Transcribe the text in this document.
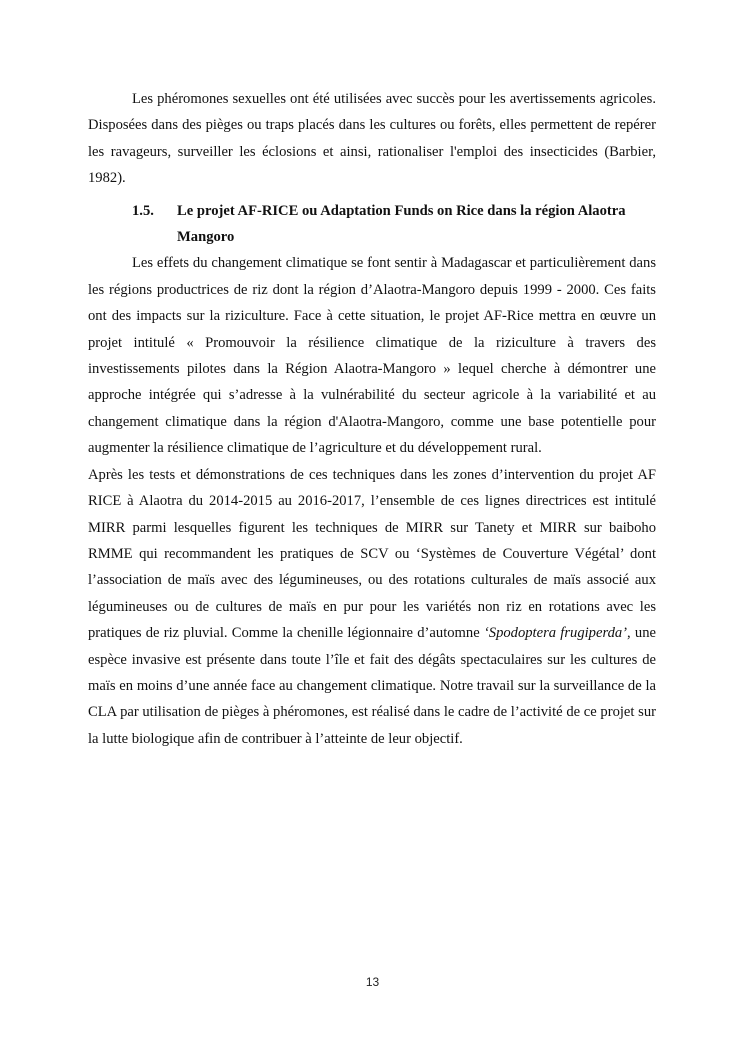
Les phéromones sexuelles ont été utilisées avec succès pour les avertissements agricoles. Disposées dans des pièges ou traps placés dans les cultures ou forêts, elles permettent de repérer les ravageurs, surveiller les éclosions et ainsi, rationaliser l'emploi des insecticides (Barbier, 1982).

1.5.	Le projet AF-RICE ou Adaptation Funds on Rice dans la région Alaotra Mangoro

Les effets du changement climatique se font sentir à Madagascar et particulièrement dans les régions productrices de riz dont la région d’Alaotra-Mangoro depuis 1999 - 2000. Ces faits ont des impacts sur la riziculture. Face à cette situation, le projet AF-Rice mettra en œuvre un projet intitulé « Promouvoir la résilience climatique de la riziculture à travers des investissements pilotes dans la Région Alaotra-Mangoro » lequel cherche à démontrer une approche intégrée qui s’adresse à la vulnérabilité du secteur agricole à la variabilité et au changement climatique dans la région d'Alaotra-Mangoro, comme une base potentielle pour augmenter la résilience climatique de l’agriculture et du développement rural.

Après les tests et démonstrations de ces techniques dans les zones d’intervention du projet AF RICE à Alaotra du 2014-2015 au 2016-2017, l’ensemble de ces lignes directrices est intitulé MIRR parmi lesquelles figurent les techniques de MIRR sur Tanety et MIRR sur baiboho RMME qui recommandent les pratiques de SCV ou ‘Systèmes de Couverture Végétal’ dont l’association de maïs avec des légumineuses, ou des rotations culturales de maïs associé aux légumineuses ou de cultures de maïs en pur pour les variétés non riz en rotations avec les pratiques de riz pluvial. Comme la chenille légionnaire d’automne ‘Spodoptera frugiperda’, une espèce invasive est présente dans toute l’île et fait des dégâts spectaculaires sur les cultures de maïs en moins d’une année face au changement climatique. Notre travail sur la surveillance de la CLA par utilisation de pièges à phéromones, est réalisé dans le cadre de l’activité de ce projet sur la lutte biologique afin de contribuer à l’atteinte de leur objectif.

13
